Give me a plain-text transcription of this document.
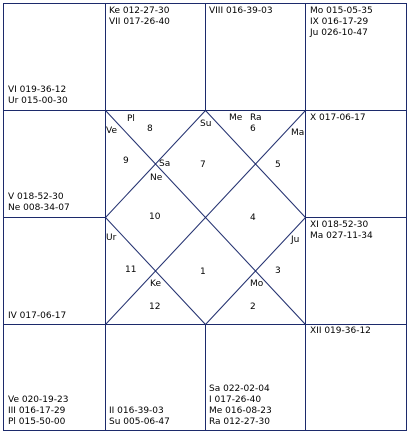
1
2
3
4
5
6
7
8
9
10
11
12
Pl
Ve
Su
Me Ra
Ma
Sa
Ne
Ur	Ju
Ke	Mo
VI 019-36-12
Ur 015-00-30
Ke 012-27-30
VII 017-26-40
VIII 016-39-03	Mo 015-05-35
IX 016-17-29
Ju 026-10-47
V 018-52-30
Ne 008-34-07
X 017-06-17
IV 017-06-17
XI 018-52-30
Ma 027-11-34
Ve 020-19-23
III 016-17-29
Pl 015-50-00
II 016-39-03
Su 005-06-47
Sa 022-02-04
I 017-26-40
Me 016-08-23
Ra 012-27-30
XII 019-36-12
